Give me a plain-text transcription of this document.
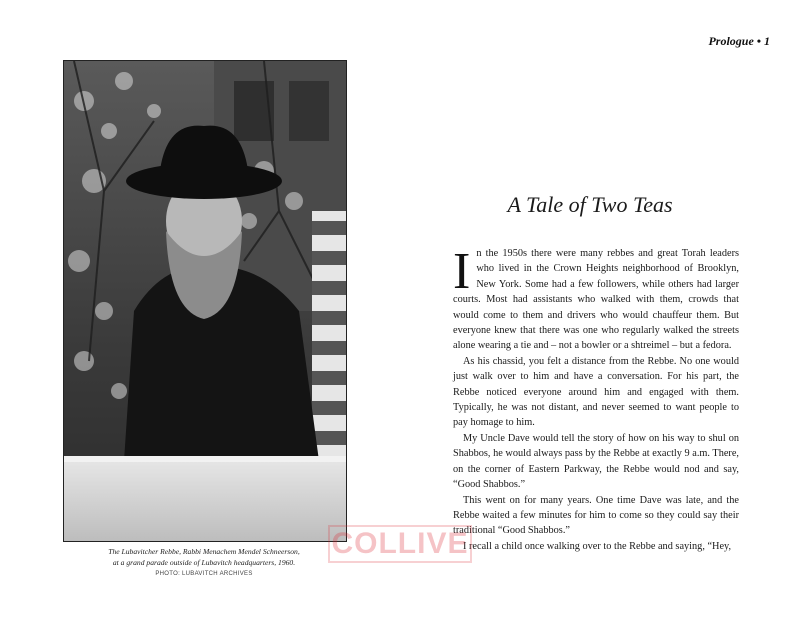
Prologue • 1
The Lubavitcher Rebbe, Rabbi Menachem Mendel Schneerson,
at a grand parade outside of Lubavitch headquarters, 1960.
PHOTO: LUBAVITCH ARCHIVES
A Tale of Two Teas

In the 1950s there were many rebbes and great Torah leaders who lived in the Crown Heights neighborhood of Brooklyn, New York. Some had a few followers, while others had larger courts. Most had assistants who walked with them, crowds that would come to them and drivers who would chauffeur them. But everyone knew that there was one who regularly walked the streets alone wearing a tie and – not a bowler or a shtreimel – but a fedora.

As his chassid, you felt a distance from the Rebbe. No one would just walk over to him and have a conversation. For his part, the Rebbe noticed everyone around him and engaged with them. Typically, he was not distant, and never seemed to want people to pay homage to him.

My Uncle Dave would tell the story of how on his way to shul on Shabbos, he would always pass by the Rebbe at exactly 9 a.m. There, on the corner of Eastern Parkway, the Rebbe would nod and say, “Good Shabbos.”

This went on for many years. One time Dave was late, and the Rebbe waited a few minutes for him to come so they could say their traditional “Good Shabbos.”

I recall a child once walking over to the Rebbe and saying, “Hey,

COLLIVE
